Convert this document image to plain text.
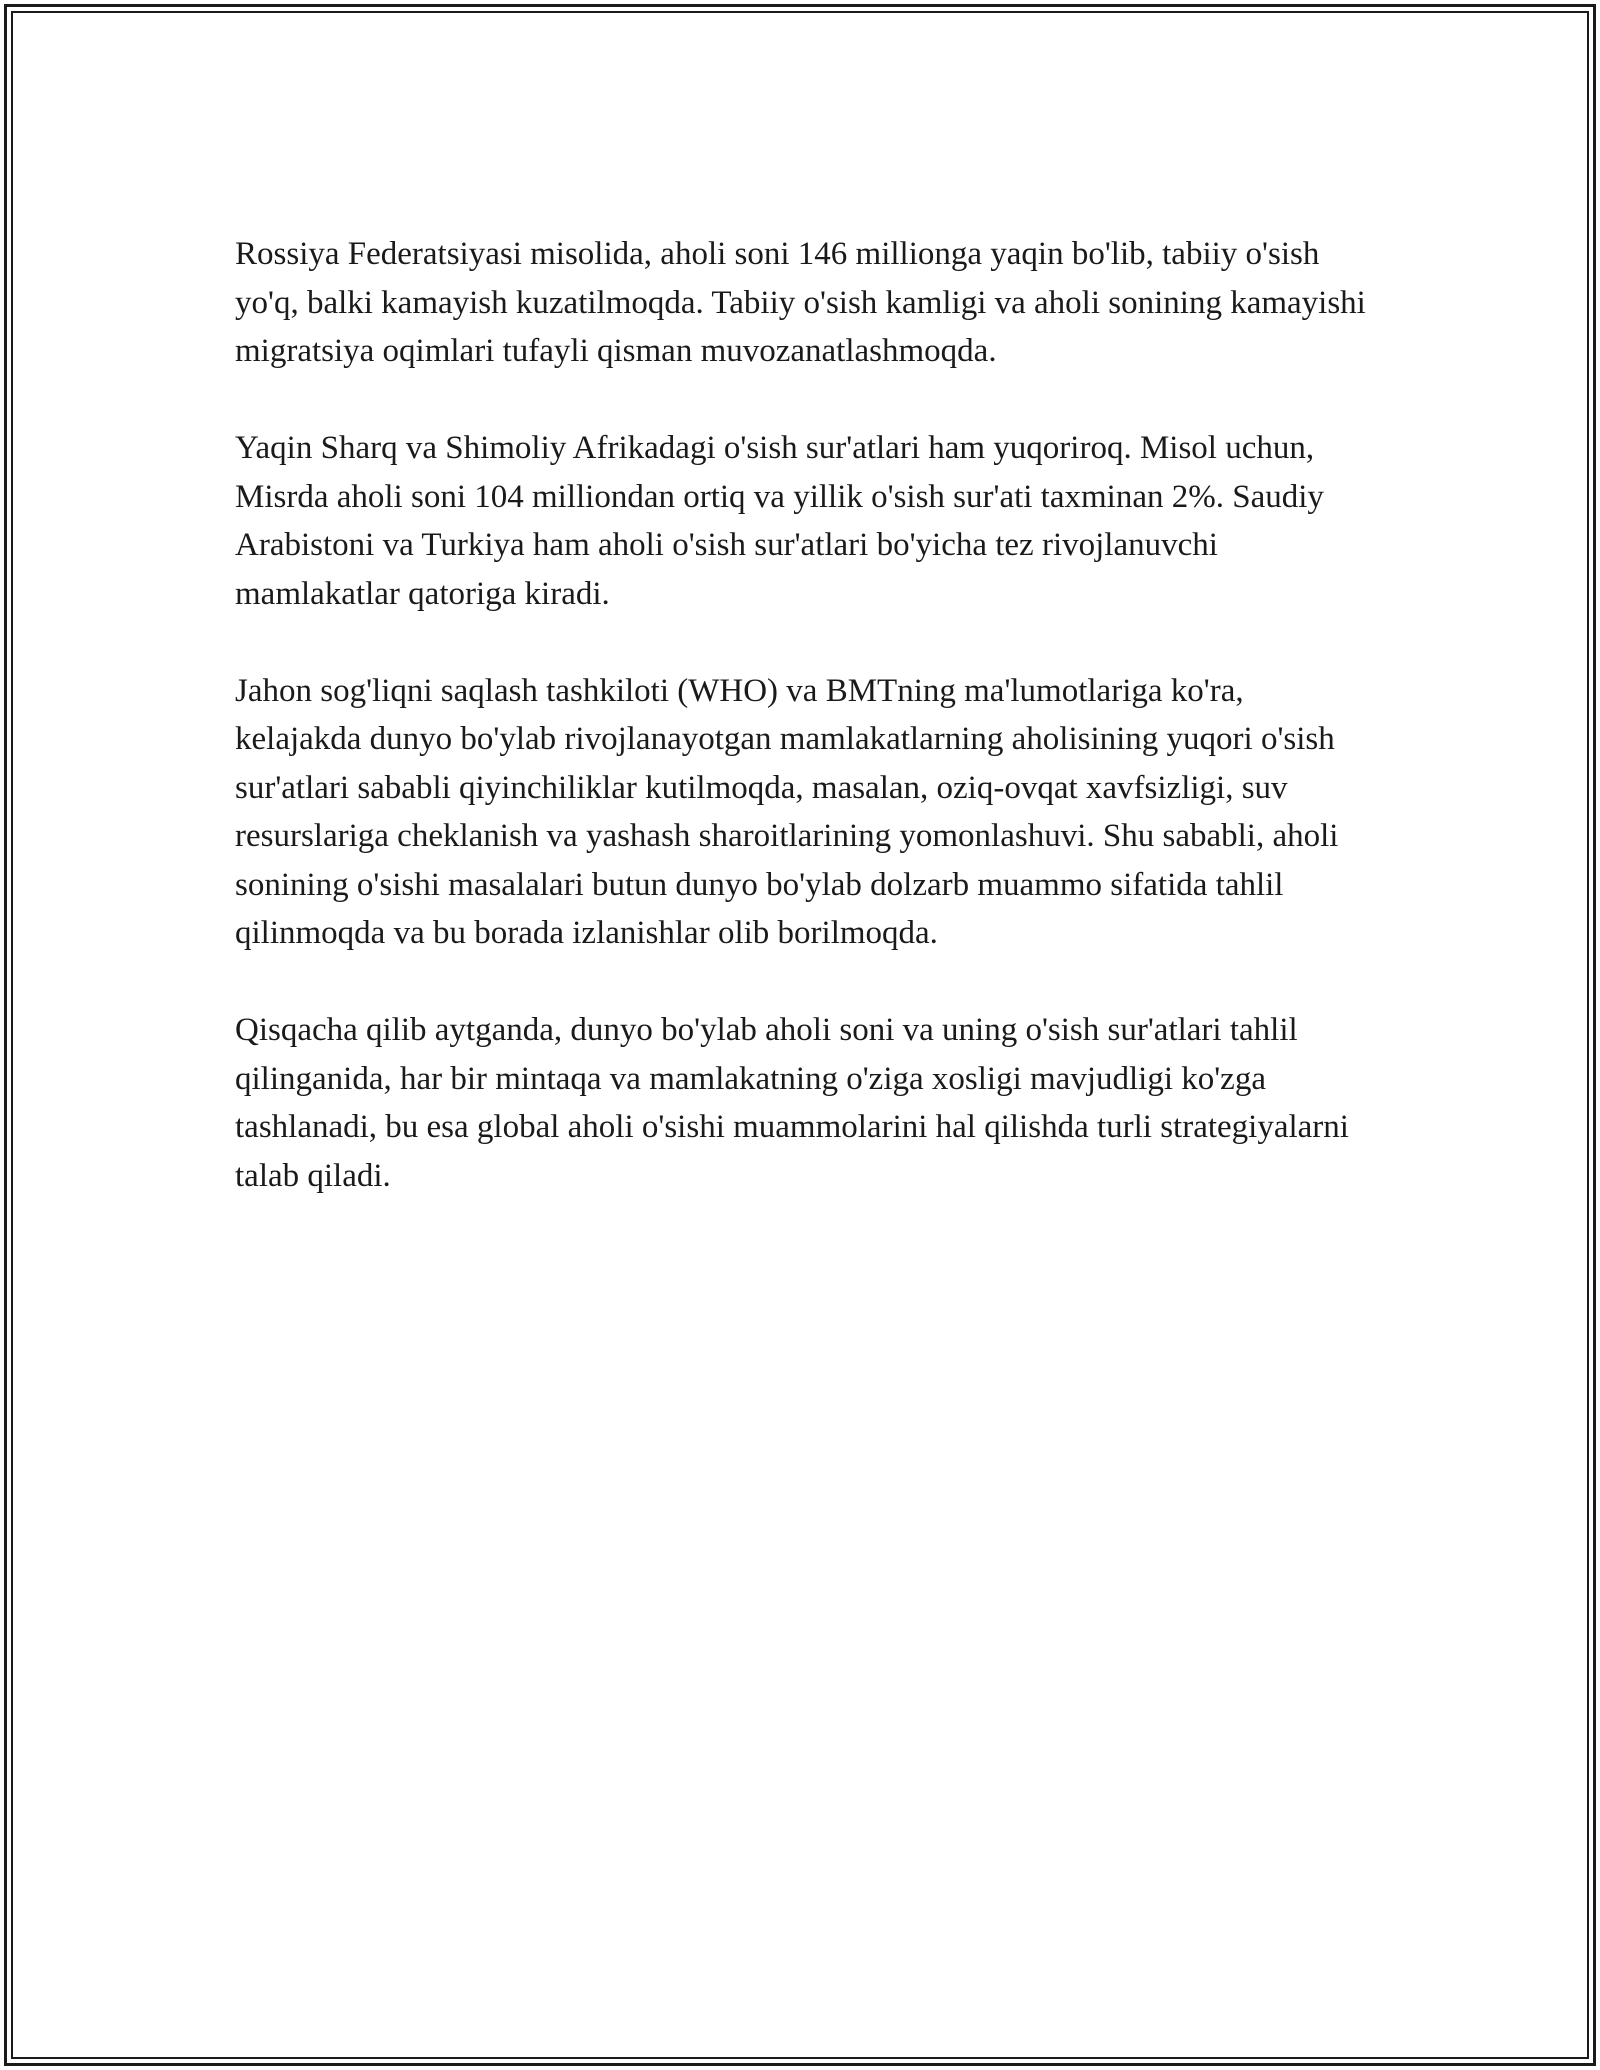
Rossiya Federatsiyasi misolida, aholi soni 146 millionga yaqin bo'lib, tabiiy o'sish yo'q, balki kamayish kuzatilmoqda. Tabiiy o'sish kamligi va aholi sonining kamayishi migratsiya oqimlari tufayli qisman muvozanatlashmoqda.

Yaqin Sharq va Shimoliy Afrikadagi o'sish sur'atlari ham yuqoriroq. Misol uchun, Misrda aholi soni 104 milliondan ortiq va yillik o'sish sur'ati taxminan 2%. Saudiy Arabistoni va Turkiya ham aholi o'sish sur'atlari bo'yicha tez rivojlanuvchi mamlakatlar qatoriga kiradi.

Jahon sog'liqni saqlash tashkiloti (WHO) va BMTning ma'lumotlariga ko'ra, kelajakda dunyo bo'ylab rivojlanayotgan mamlakatlarning aholisining yuqori o'sish sur'atlari sababli qiyinchiliklar kutilmoqda, masalan, oziq-ovqat xavfsizligi, suv resurslariga cheklanish va yashash sharoitlarining yomonlashuvi. Shu sababli, aholi sonining o'sishi masalalari butun dunyo bo'ylab dolzarb muammo sifatida tahlil qilinmoqda va bu borada izlanishlar olib borilmoqda.

Qisqacha qilib aytganda, dunyo bo'ylab aholi soni va uning o'sish sur'atlari tahlil qilinganida, har bir mintaqa va mamlakatning o'ziga xosligi mavjudligi ko'zga tashlanadi, bu esa global aholi o'sishi muammolarini hal qilishda turli strategiyalarni talab qiladi.
